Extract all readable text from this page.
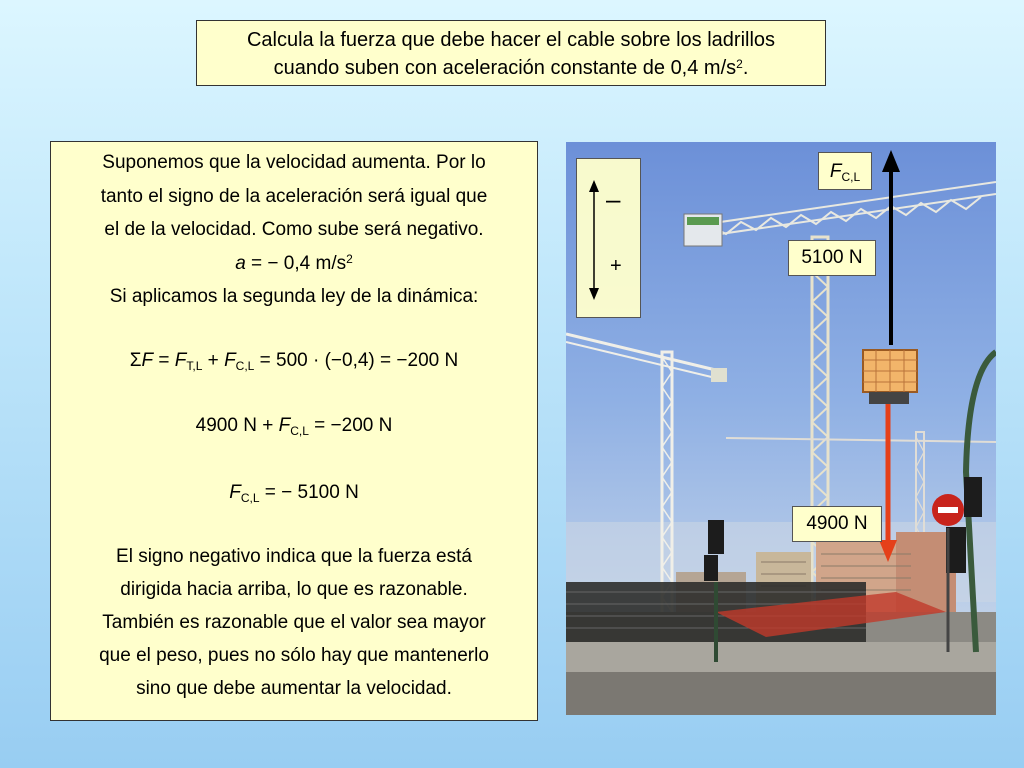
Calcula la fuerza que debe hacer el cable sobre los ladrillos
cuando suben con aceleración constante de 0,4 $m/s^2$.
Suponemos que la velocidad aumenta. Por lo
tanto el signo de la aceleración será igual que
el de la velocidad. Como sube será negativo.
a = − 0,4 $m/s^2$
Si aplicamos la segunda ley de la dinámica:
$\Sigma F = F_{T,L} + F_{C,L} = 500 \cdot (-0,4) = -200$ N
4900 $N + F_{C,L} = -200$ N
$F_{C,L}$ = − 5100 N
El signo negativo indica que la fuerza está
dirigida hacia arriba, lo que es razonable.
También es razonable que el valor sea mayor
que el peso, pues no sólo hay que mantenerlo
sino que debe aumentar la velocidad.
–
+
$F_{C,L}$
5100 N
4900 N
